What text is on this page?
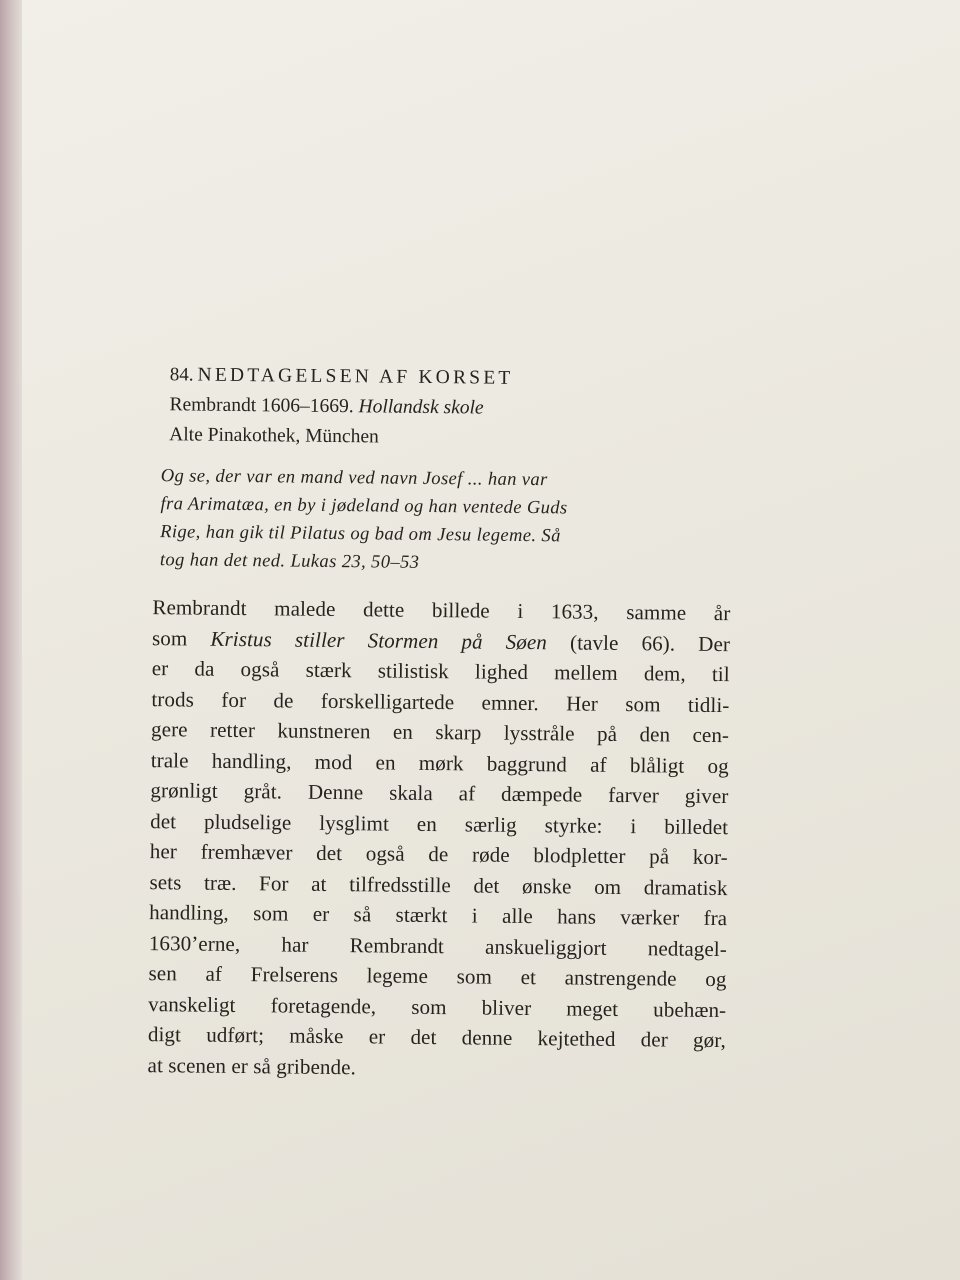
84. NEDTAGELSEN AF KORSET
Rembrandt 1606–1669. Hollandsk skole
Alte Pinakothek, München

Og se, der var en mand ved navn Josef ... han var

fra Arimatæa, en by i jødeland og han ventede Guds

Rige, han gik til Pilatus og bad om Jesu legeme. Så

tog han det ned. Lukas 23, 50–53

Rembrandt malede dette billede i 1633, samme år
som Kristus stiller Stormen på Søen (tavle 66). Der
er da også stærk stilistisk lighed mellem dem, til
trods for de forskelligartede emner. Her som tidli-
gere retter kunstneren en skarp lysstråle på den cen-
trale handling, mod en mørk baggrund af blåligt og
grønligt gråt. Denne skala af dæmpede farver giver
det pludselige lysglimt en særlig styrke: i billedet
her fremhæver det også de røde blodpletter på kor-
sets træ. For at tilfredsstille det ønske om dramatisk
handling, som er så stærkt i alle hans værker fra
1630’erne, har Rembrandt anskueliggjort nedtagel-
sen af Frelserens legeme som et anstrengende og
vanskeligt foretagende, som bliver meget ubehæn-
digt udført; måske er det denne kejtethed der gør,
at scenen er så gribende.
